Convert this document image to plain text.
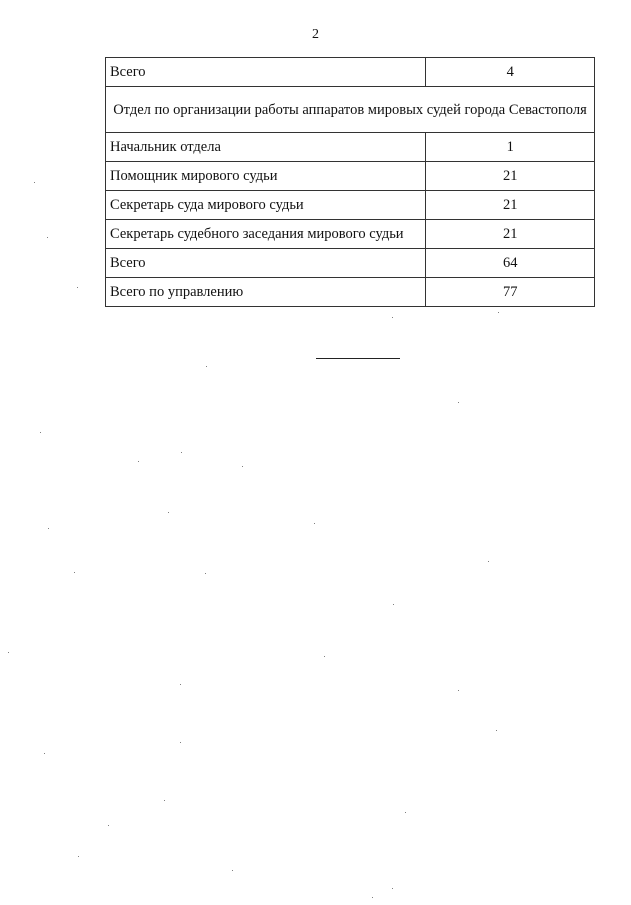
2
Всего	4
Отдел по организации работы аппаратов мировых судей города Севастополя	
Начальник отдела	1
Помощник мирового судьи	21
Секретарь суда мирового судьи	21
Секретарь судебного заседания мирового судьи	21
Всего	64
Всего по управлению	77
